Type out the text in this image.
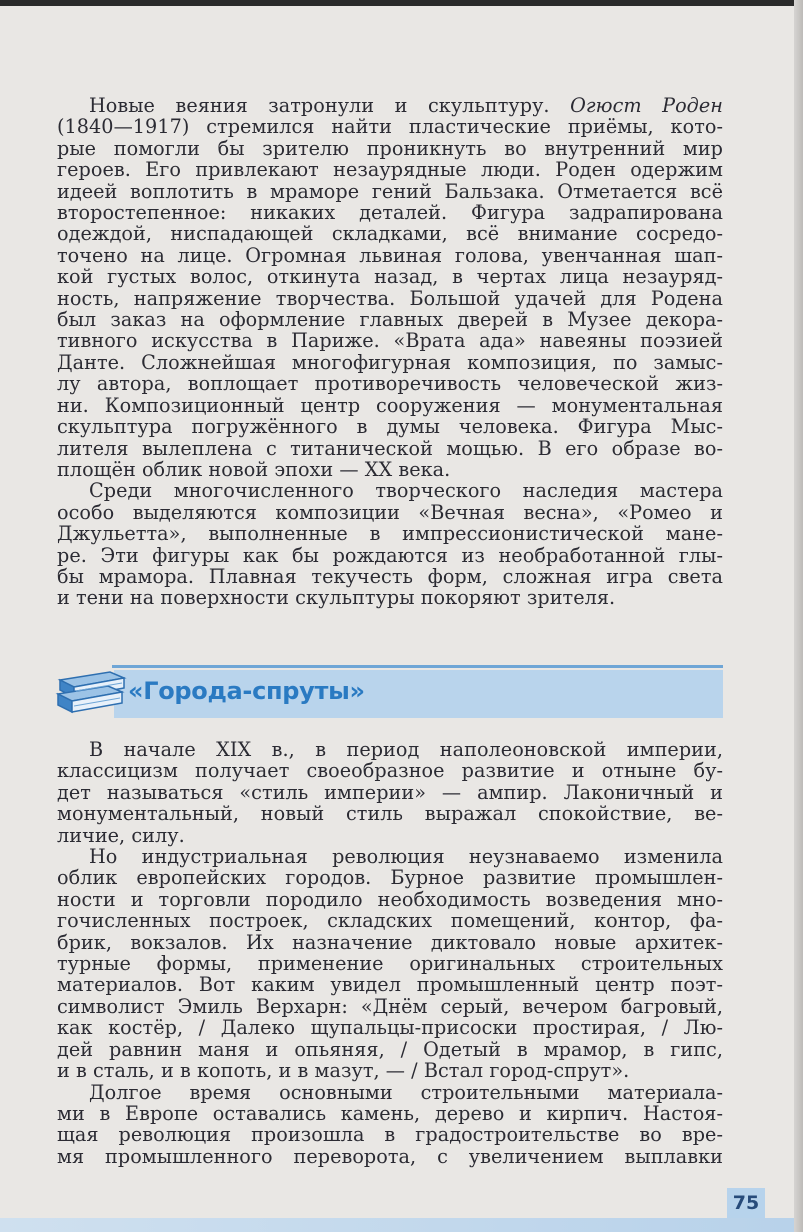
Новые веяния затронули и скульптуру. Огюст Роден
(1840—1917) стремился найти пластические приёмы, кото-
рые помогли бы зрителю проникнуть во внутренний мир
героев. Его привлекают незаурядные люди. Роден одержим
идеей воплотить в мраморе гений Бальзака. Отметается всё
второстепенное: никаких деталей. Фигура задрапирована
одеждой, ниспадающей складками, всё внимание сосредо-
точено на лице. Огромная львиная голова, увенчанная шап-
кой густых волос, откинута назад, в чертах лица незауряд-
ность, напряжение творчества. Большой удачей для Родена
был заказ на оформление главных дверей в Музее декора-
тивного искусства в Париже. «Врата ада» навеяны поэзией
Данте. Сложнейшая многофигурная композиция, по замыс-
лу автора, воплощает противоречивость человеческой жиз-
ни. Композиционный центр сооружения — монументальная
скульптура погружённого в думы человека. Фигура Мыс-
лителя вылеплена с титанической мощью. В его образе во-
площён облик новой эпохи — XX века.

Среди многочисленного творческого наследия мастера
особо выделяются композиции «Вечная весна», «Ромео и
Джульетта», выполненные в импрессионистической мане-
ре. Эти фигуры как бы рождаются из необработанной глы-
бы мрамора. Плавная текучесть форм, сложная игра света
и тени на поверхности скульптуры покоряют зрителя.

«Города-спруты»

В начале XIX в., в период наполеоновской империи,
классицизм получает своеобразное развитие и отныне бу-
дет называться «стиль империи» — ампир. Лаконичный и
монументальный, новый стиль выражал спокойствие, ве-
личие, силу.

Но индустриальная революция неузнаваемо изменила
облик европейских городов. Бурное развитие промышлен-
ности и торговли породило необходимость возведения мно-
гочисленных построек, складских помещений, контор, фа-
брик, вокзалов. Их назначение диктовало новые архитек-
турные формы, применение оригинальных строительных
материалов. Вот каким увидел промышленный центр поэт-
символист Эмиль Верхарн: «Днём серый, вечером багровый,
как костёр, / Далеко щупальцы-присоски простирая, / Лю-
дей равнин маня и опьяняя, / Одетый в мрамор, в гипс,
и в сталь, и в копоть, и в мазут, — / Встал город-спрут».

Долгое время основными строительными материала-
ми в Европе оставались камень, дерево и кирпич. Настоя-
щая революция произошла в градостроительстве во вре-
мя промышленного переворота, с увеличением выплавки

75
